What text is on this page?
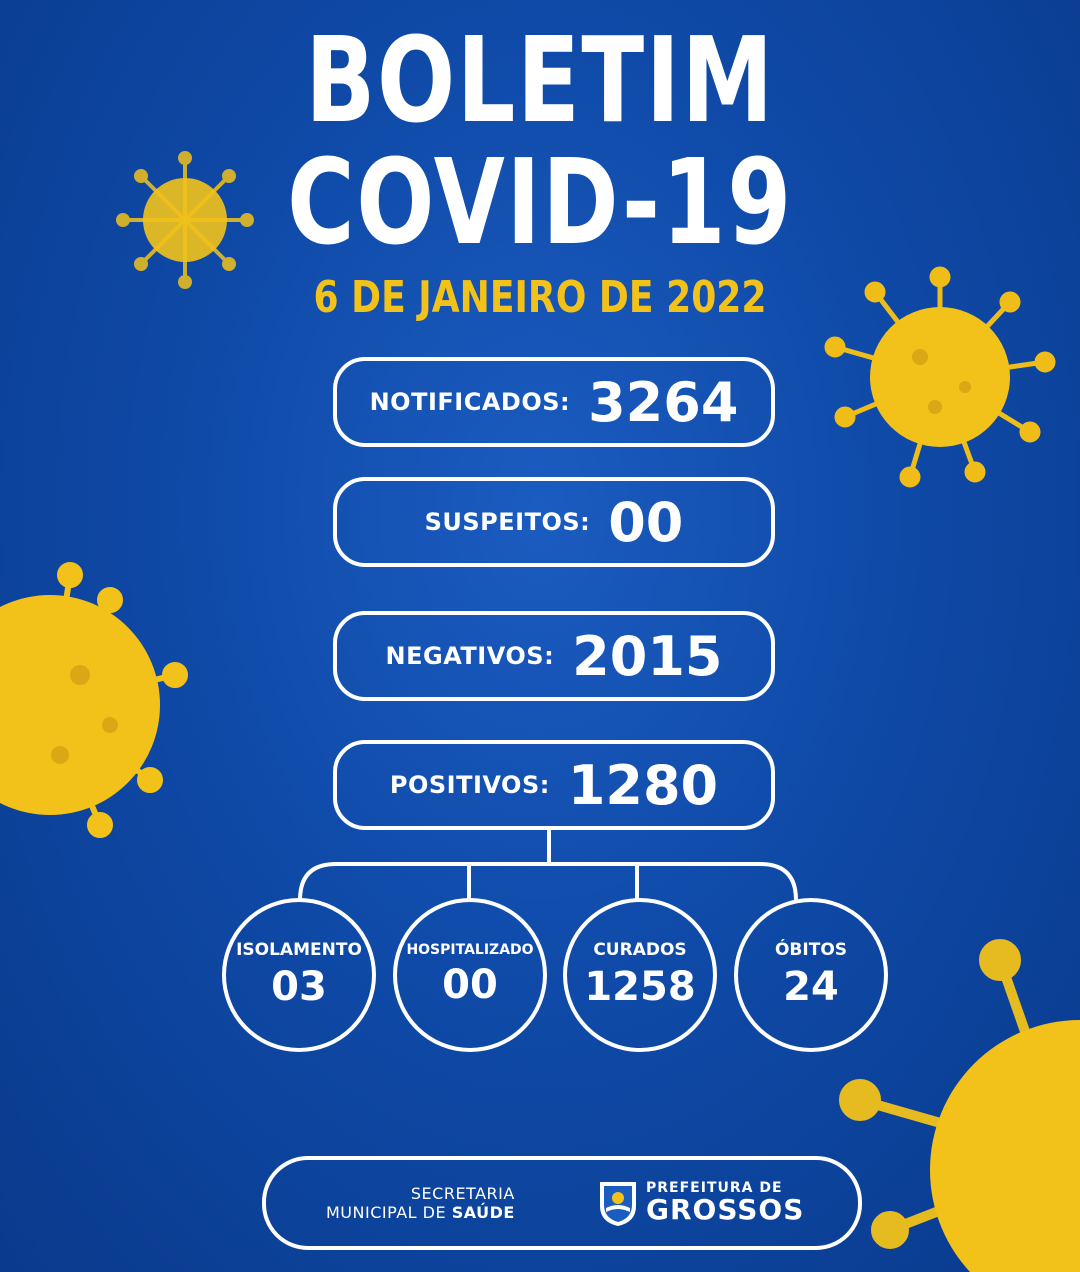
BOLETIM
COVID-19
6 DE JANEIRO DE 2022
NOTIFICADOS: 3264
SUSPEITOS: 00
NEGATIVOS: 2015
POSITIVOS: 1280
ISOLAMENTO
03
HOSPITALIZADO
00
CURADOS
1258
ÓBITOS
24
SECRETARIA
MUNICIPAL DE SAÚDE
PREFEITURA DE
GROSSOS
